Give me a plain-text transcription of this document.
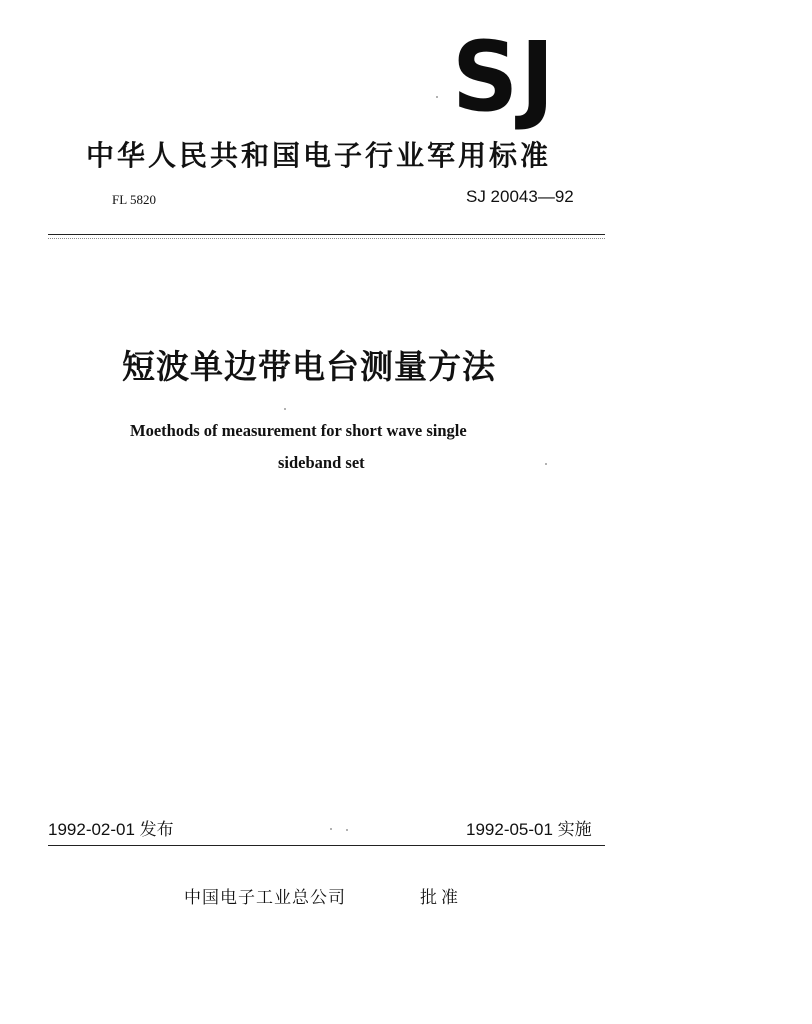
SJ
中华人民共和国电子行业军用标准
FL 5820	SJ 20043—92
短波单边带电台测量方法
Moethods of measurement for short wave single
sideband set
1992-02-01 发布	1992-05-01 实施
中国电子工业总公司	批准
